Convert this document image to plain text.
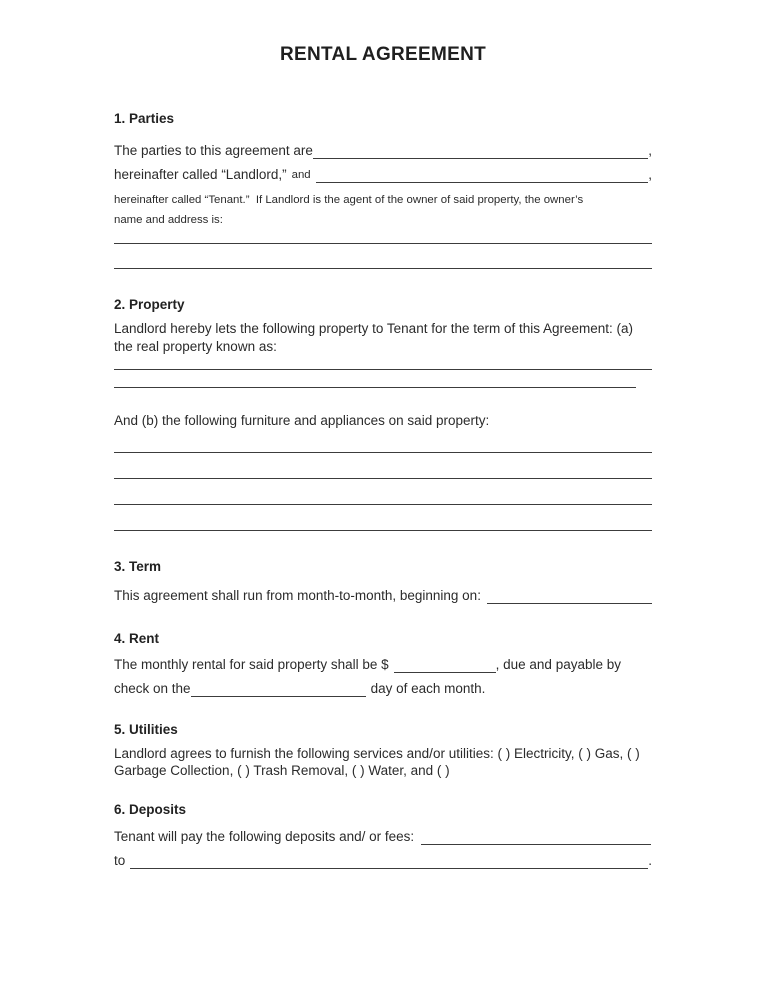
RENTAL AGREEMENT
1. Parties
The parties to this agreement are	,
hereinafter called “Landlord,” and	,
hereinafter called “Tenant.”  If Landlord is the agent of the owner of said property, the owner’s
name and address is:
2. Property

Landlord hereby lets the following property to Tenant for the term of this Agreement: (a)
the real property known as:

And (b) the following furniture and appliances on said property:
3. Term
This agreement shall run from month-to-month, beginning on:
4. Rent
The monthly rental for said property shall be $	, due and payable by
check on the	day of each month.
5. Utilities

Landlord agrees to furnish the following services and/or utilities: ( ) Electricity, ( ) Gas, ( )
Garbage Collection, ( ) Trash Removal, ( ) Water, and ( )

6. Deposits
Tenant will pay the following deposits and/ or fees:
to	.
